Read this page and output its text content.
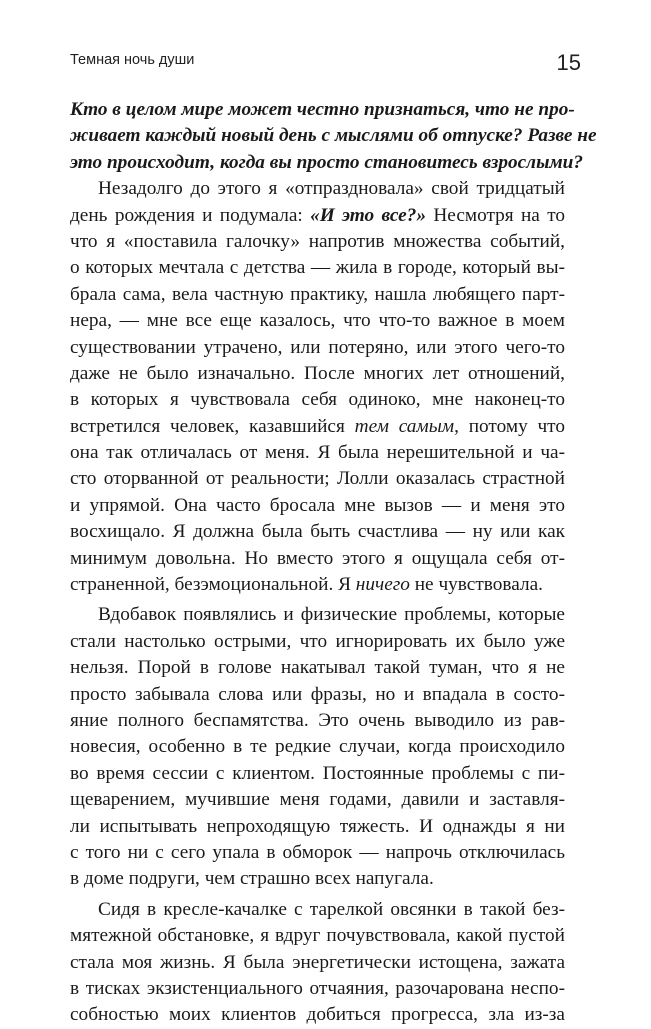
Темная ночь души	15
Кто в целом мире может честно признаться, что не про-
живает каждый новый день с мыслями об отпуске? Разве не
это происходит, когда вы просто становитесь взрослыми?
Незадолго до этого я «отпраздновала» свой тридцатый
день рождения и подумала: «И это все?» Несмотря на то
что я «поставила галочку» напротив множества событий,
о которых мечтала с детства — жила в городе, который вы-
брала сама, вела частную практику, нашла любящего парт-
нера, — мне все еще казалось, что что-то важное в моем
существовании утрачено, или потеряно, или этого чего-то
даже не было изначально. После многих лет отношений,
в которых я чувствовала себя одиноко, мне наконец-то
встретился человек, казавшийся тем самым, потому что
она так отличалась от меня. Я была нерешительной и ча-
сто оторванной от реальности; Лолли оказалась страстной
и упрямой. Она часто бросала мне вызов — и меня это
восхищало. Я должна была быть счастлива — ну или как
минимум довольна. Но вместо этого я ощущала себя от-
страненной, безэмоциональной. Я ничего не чувствовала.
Вдобавок появлялись и физические проблемы, которые
стали настолько острыми, что игнорировать их было уже
нельзя. Порой в голове накатывал такой туман, что я не
просто забывала слова или фразы, но и впадала в состо-
яние полного беспамятства. Это очень выводило из рав-
новесия, особенно в те редкие случаи, когда происходило
во время сессии с клиентом. Постоянные проблемы с пи-
щеварением, мучившие меня годами, давили и заставля-
ли испытывать непроходящую тяжесть. И однажды я ни
с того ни с сего упала в обморок — напрочь отключилась
в доме подруги, чем страшно всех напугала.
Сидя в кресле-качалке с тарелкой овсянки в такой без-
мятежной обстановке, я вдруг почувствовала, какой пустой
стала моя жизнь. Я была энергетически истощена, зажата
в тисках экзистенциального отчаяния, разочарована неспо-
собностью моих клиентов добиться прогресса, зла из-за
